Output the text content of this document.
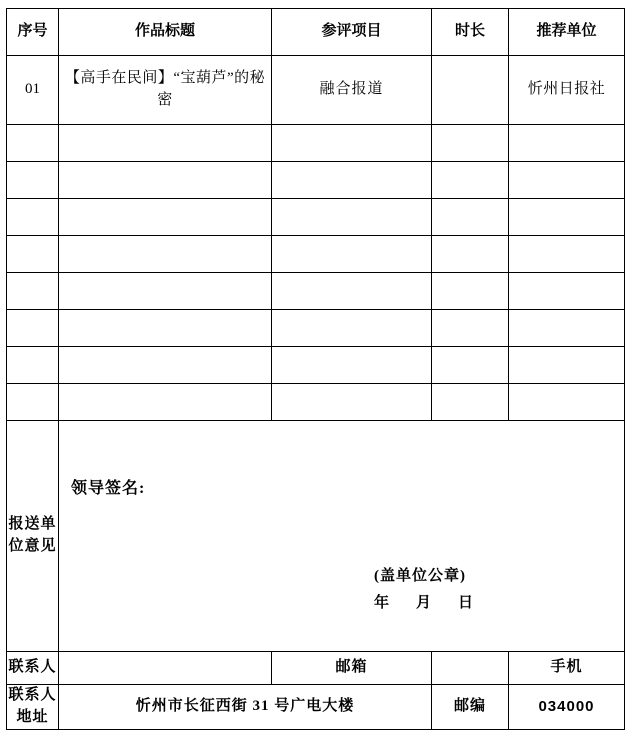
序号	作品标题	参评项目	时长	推荐单位
01	【高手在民间】“宝葫芦”的秘密	融合报道		忻州日报社

报送单位意见	领导签名:
(盖单位公章)
年 月 日			

联系人		邮箱		手机
联系人地址	忻州市长征西街 31 号广电大楼		邮编	034000
